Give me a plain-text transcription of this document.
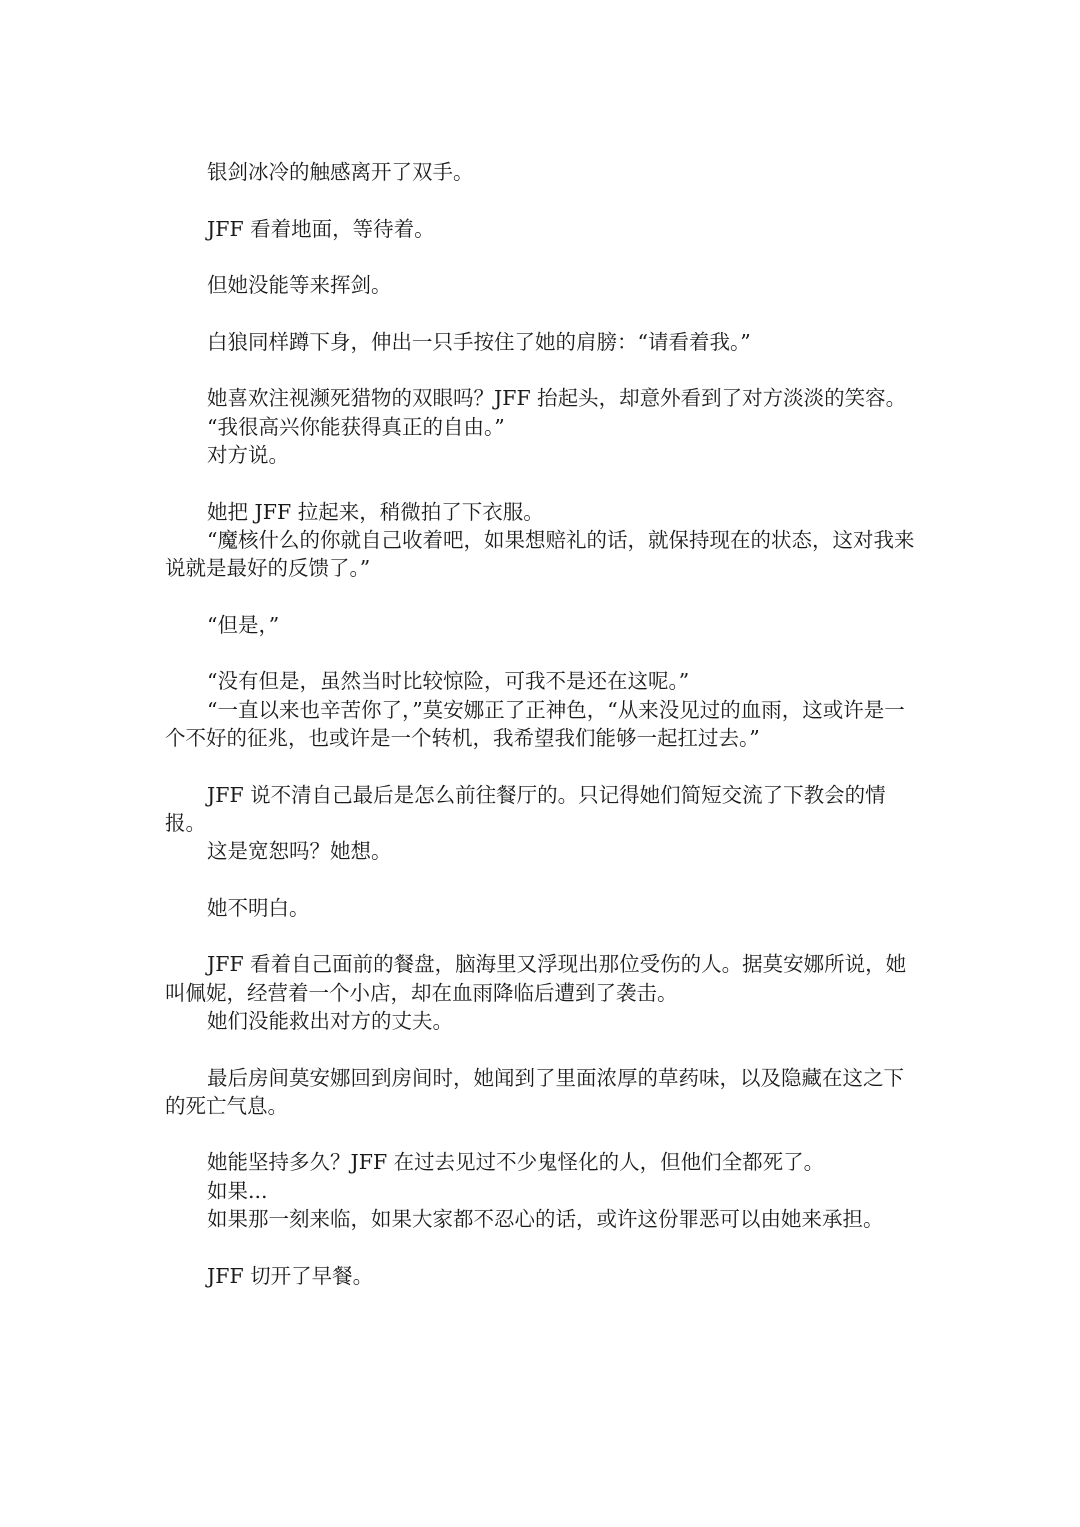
银剑冰冷的触感离开了双手。

JFF 看着地面，等待着。

但她没能等来挥剑。

白狼同样蹲下身，伸出一只手按住了她的肩膀：“请看着我。”

她喜欢注视濒死猎物的双眼吗？JFF 抬起头，却意外看到了对方淡淡的笑容。

“我很高兴你能获得真正的自由。”

对方说。

她把 JFF 拉起来，稍微拍了下衣服。

“魔核什么的你就自己收着吧，如果想赔礼的话，就保持现在的状态，这对我来说就是最好的反馈了。”

“但是，”

“没有但是，虽然当时比较惊险，可我不是还在这呢。”

“一直以来也辛苦你了，”莫安娜正了正神色，“从来没见过的血雨，这或许是一个不好的征兆，也或许是一个转机，我希望我们能够一起扛过去。”

JFF 说不清自己最后是怎么前往餐厅的。只记得她们简短交流了下教会的情报。

这是宽恕吗？她想。

她不明白。

JFF 看着自己面前的餐盘，脑海里又浮现出那位受伤的人。据莫安娜所说，她叫佩妮，经营着一个小店，却在血雨降临后遭到了袭击。

她们没能救出对方的丈夫。

最后房间莫安娜回到房间时，她闻到了里面浓厚的草药味，以及隐藏在这之下的死亡气息。

她能坚持多久？JFF 在过去见过不少鬼怪化的人，但他们全都死了。

如果...

如果那一刻来临，如果大家都不忍心的话，或许这份罪恶可以由她来承担。

JFF 切开了早餐。
